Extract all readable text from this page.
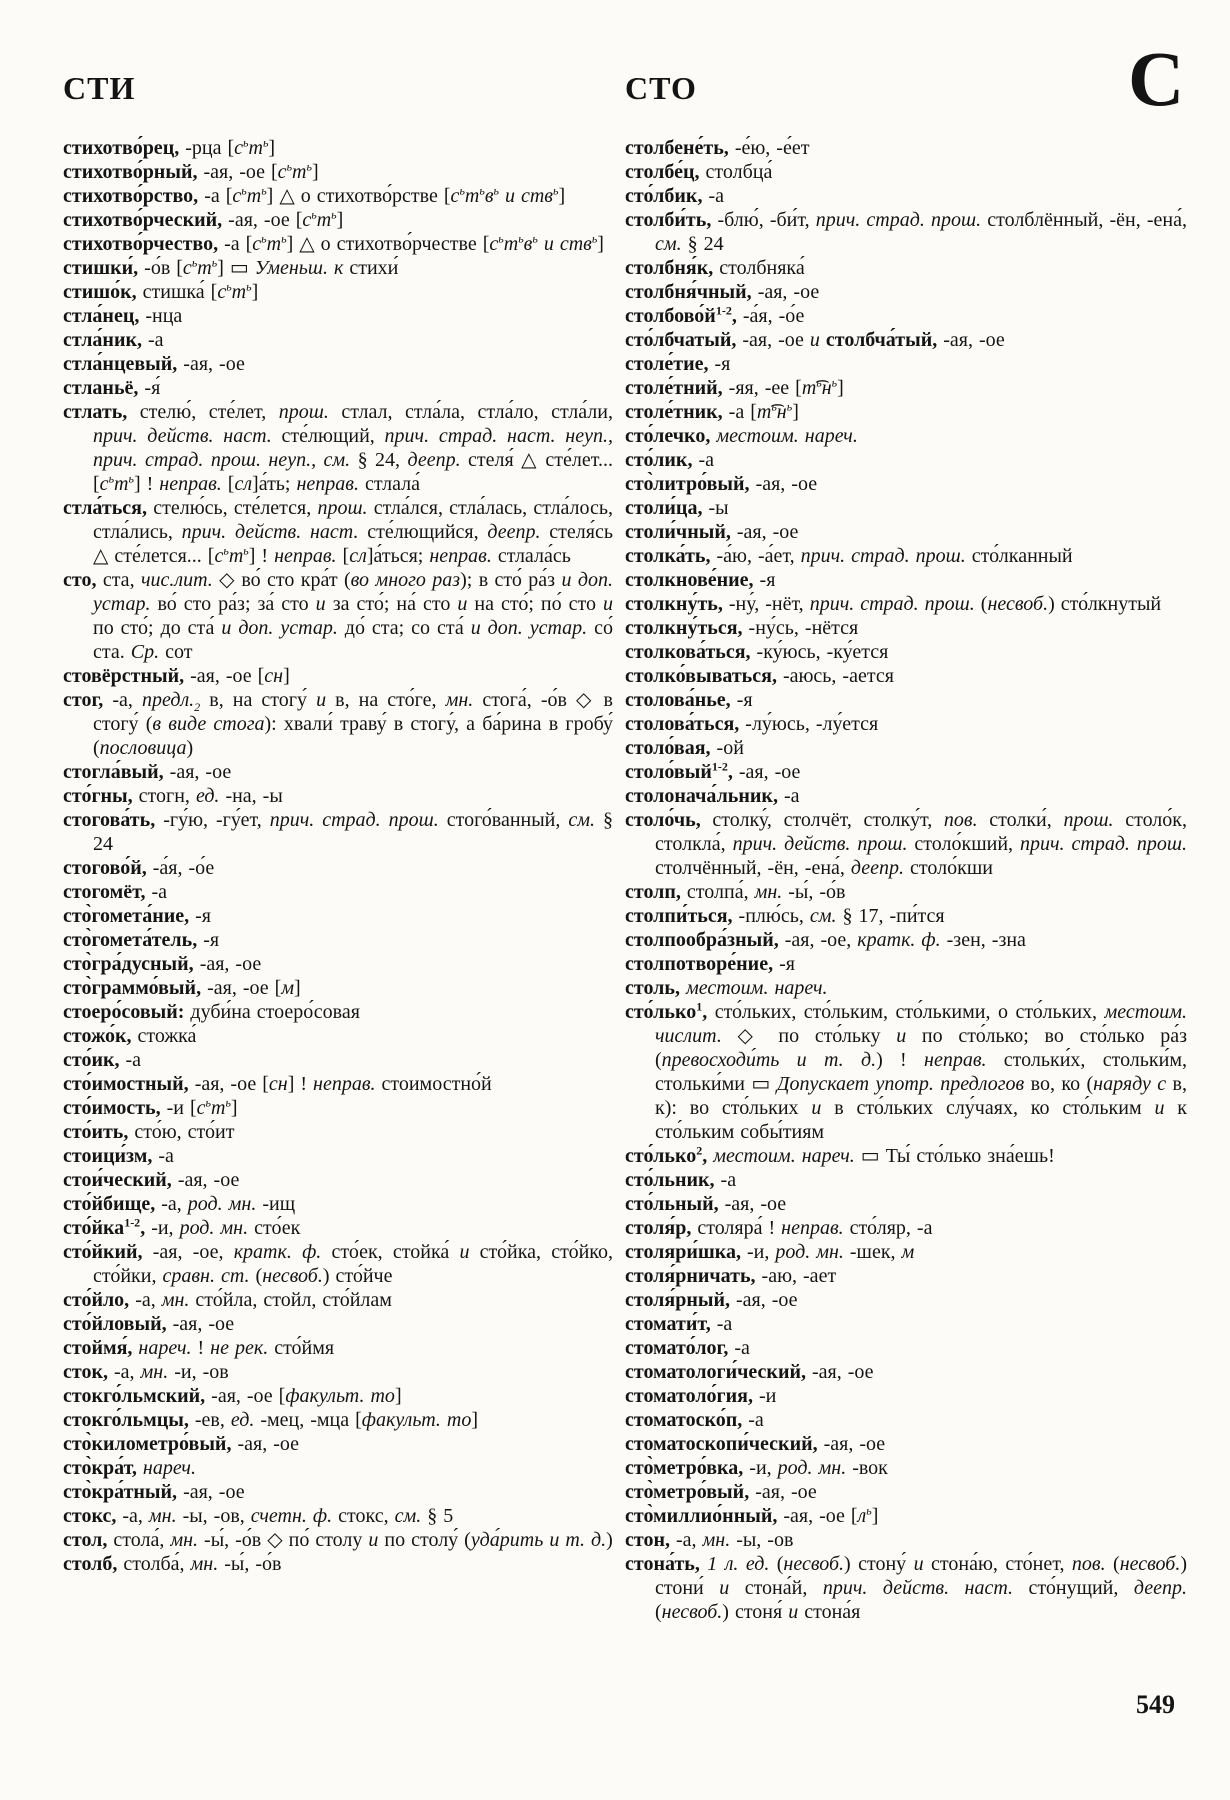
СТИ	СТО	С

стихотво́рец, -рца $[с^ьт^ь]$

стихотво́рный, -ая, -ое $[с^ьт^ь]$

стихотво́рство, -а $[с^ьт^ь]$ △ о стихотво́рстве [$с^ьт^ьв^ь$ и ств$^ь$]

стихотво́рческий, -ая, -ое $[с^ьт^ь]$

стихотво́рчество, -а $[с^ьт^ь]$ △ о стихотво́рчестве [$с^ьт^ьв^ь$ и ств$^ь$]

стишки́, -о́в $[с^ьт^ь]$ ▭ Уменьш. к стихи́

стишо́к, стишка́ $[с^ьт^ь]$

стла́нец, -нца

стла́ник, -а

стла́нцевый, -ая, -ое

стланьё, -я́

стлать, стелю́, сте́лет, прош. стлал, стла́ла, стла́ло, стла́ли, прич. действ. наст. сте́лющий, прич. страд. наст. неуп., прич. страд. прош. неуп., см. § 24, деепр. стеля́ △ сте́лет... $[с^ьт^ь]$ ! неправ. [сл]а́ть; неправ. стлала́

стла́ться, стелю́сь, сте́лется, прош. стла́лся, стла́лась, стла́лось, стла́лись, прич. действ. наст. сте́лющийся, деепр. стеля́сь △ сте́лется... $[с^ьт^ь]$ ! неправ. [сл]а́ться; неправ. стлала́сь

сто, ста, чис.лит. ◇ во́ сто кра́т (во много раз); в сто́ ра́з и доп. устар. во́ сто ра́з; за́ сто и за сто́; на́ сто и на сто́; по́ сто и по сто́; до ста́ и доп. устар. до́ ста; со ста́ и доп. устар. со́ ста. Ср. сот

стовёрстный, -ая, -ое [сн]

стог, -а, $предл._2$ в, на стогу́ и в, на сто́ге, мн. стога́, -о́в ◇ в стогу́ (в виде стога): хвали́ траву́ в стогу́, а ба́рина в гробу́ (пословица)

стогла́вый, -ая, -ое

сто́гны, стогн, ед. -на, -ы

стогова́ть, -гу́ю, -гу́ет, прич. страд. прош. стого́ванный, см. § 24

стогово́й, -а́я, -о́е

стогомёт, -а

сто̀гомета́ние, -я

сто̀гомета́тель, -я

сто̀гра́дусный, -ая, -ое

сто̀граммо́вый, -ая, -ое [м]

стоеро́совый: дуби́на стоеро́совая

стожо́к, стожка́

сто́ик, -а

сто́имостный, -ая, -ое [сн] ! неправ. стоимостно́й

сто́имость, -и $[с^ьт^ь]$

сто́ить, сто́ю, сто́ит

стоици́зм, -а

стои́ческий, -ая, -ое

сто́йбище, -а, род. мн. -ищ

сто́йка$^{1-2}$, -и, род. мн. сто́ек

сто́йкий, -ая, -ое, кратк. ф. сто́ек, стойка́ и сто́йка, сто́йко, сто́йки, сравн. ст. (несвоб.) сто́йче

сто́йло, -а, мн. сто́йла, стойл, сто́йлам

сто́йловый, -ая, -ое

стоймя́, нареч. ! не рек. сто́ймя

сток, -а, мн. -и, -ов

стокго́льмский, -ая, -ое [факульт. то]

стокго́льмцы, -ев, ед. -мец, -мца [факульт. то]

сто̀километро́вый, -ая, -ое

сто̀кра́т, нареч.

сто̀кра́тный, -ая, -ое

стокс, -а, мн. -ы, -ов, счетн. ф. стокс, см. § 5

стол, стола́, мн. -ы́, -о́в ◇ по́ столу и по столу́ (уда́рить и т. д.)

столб, столба́, мн. -ы́, -о́в

столбене́ть, -е́ю, -е́ет

столбе́ц, столбца́

сто́лбик, -а

столби́ть, -блю́, -би́т, прич. страд. прош. столблённый, -ён, -ена́, см. § 24

столбня́к, столбняка́

столбня́чный, -ая, -ое

$столбово́й^{1-2}$, -а́я, -о́е

сто́лбчатый, -ая, -ое и столбча́тый, -ая, -ое

столе́тие, -я

столе́тний, -яя, -ее $[т͡^ьн^ь]$

столе́тник, -а $[т͡^ьн^ь]$

сто́лечко, местоим. нареч.

сто́лик, -а

сто̀литро́вый, -ая, -ое

столи́ца, -ы

столи́чный, -ая, -ое

столка́ть, -а́ю, -а́ет, прич. страд. прош. сто́лканный

столкнове́ние, -я

столкну́ть, -ну́, -нёт, прич. страд. прош. (несвоб.) сто́лкнутый

столкну́ться, -ну́сь, -нётся

столкова́ться, -ку́юсь, -ку́ется

столко́вываться, -аюсь, -ается

столова́нье, -я

столова́ться, -лу́юсь, -лу́ется

столо́вая, -ой

столо́вый$^{1-2}$, -ая, -ое

столонача́льник, -а

столо́чь, столку́, столчёт, столку́т, пов. столки́, прош. столо́к, столкла́, прич. действ. прош. столо́кший, прич. страд. прош. столчённый, -ён, -ена́, деепр. столо́кши

столп, столпа́, мн. -ы́, -о́в

столпи́ться, -плю́сь, см. § 17, -пи́тся

столпообра́зный, -ая, -ое, кратк. ф. -зен, -зна

столпотворе́ние, -я

столь, местоим. нареч.

сто́лько$^1$, сто́льких, сто́льким, сто́лькими, о сто́льких, местоим. числит. ◇ по сто́льку и по сто́лько; во сто́лько ра́з (превосходи́ть и т. д.) ! неправ. стольки́х, стольки́м, стольки́ми ▭ Допускает употр. предлогов во, ко (наряду с в, к): во сто́льких и в сто́льких слу́чаях, ко сто́льким и к сто́льким собы́тиям

сто́лько$^2$, местоим. нареч. ▭ Ты́ сто́лько зна́ешь!

сто́льник, -а

сто́льный, -ая, -ое

столя́р, столяра́ ! неправ. сто́ляр, -а

столяри́шка, -и, род. мн. -шек, м

столя́рничать, -аю, -ает

столя́рный, -ая, -ое

стомати́т, -а

стомато́лог, -а

стоматологи́ческий, -ая, -ое

стоматоло́гия, -и

стоматоско́п, -а

стоматоскопи́ческий, -ая, -ое

сто̀метро́вка, -и, род. мн. -вок

сто̀метро́вый, -ая, -ое

сто̀миллио́нный, -ая, -ое $[л^ь]$

стон, -а, мн. -ы, -ов

стона́ть, 1 л. ед. (несвоб.) стону́ и стона́ю, сто́нет, пов. (несвоб.) стони́ и стона́й, прич. действ. наст. сто́нущий, деепр. (несвоб.) стоня́ и стона́я

549
